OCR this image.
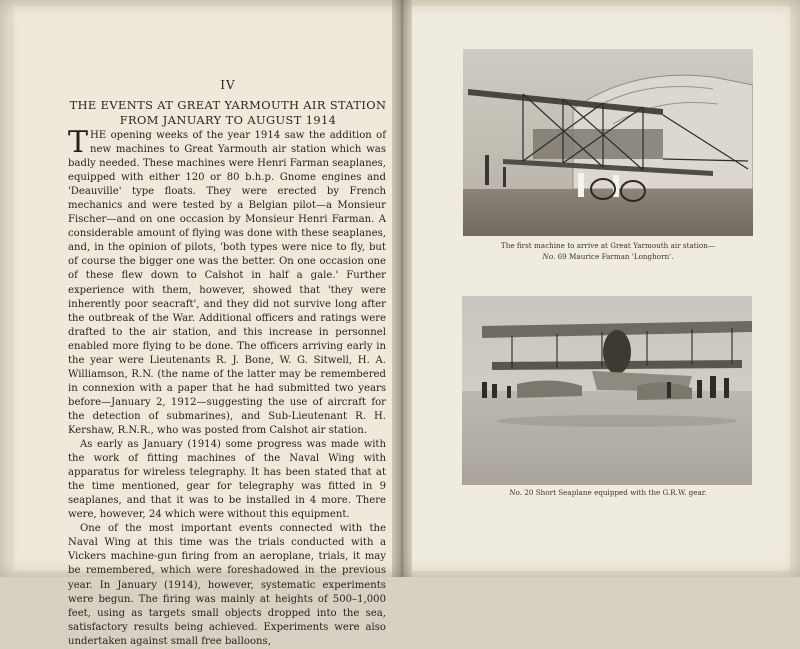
IV
THE EVENTS AT GREAT YARMOUTH AIR STATION
FROM JANUARY TO AUGUST 1914

THE opening weeks of the year 1914 saw the addition of new machines to Great Yarmouth air station which was badly needed. These machines were Henri Farman seaplanes, equipped with either 120 or 80 b.h.p. Gnome engines and 'Deauville' type floats. They were erected by French mechanics and were tested by a Belgian pilot—a Monsieur Fischer—and on one occasion by Monsieur Henri Farman. A considerable amount of flying was done with these seaplanes, and, in the opinion of pilots, 'both types were nice to fly, but of course the bigger one was the better. On one occasion one of these flew down to Calshot in half a gale.' Further experience with them, however, showed that 'they were inherently poor seacraft', and they did not survive long after the outbreak of the War. Additional officers and ratings were drafted to the air station, and this increase in personnel enabled more flying to be done. The officers arriving early in the year were Lieutenants R. J. Bone, W. G. Sitwell, H. A. Williamson, R.N. (the name of the latter may be remembered in connexion with a paper that he had submitted two years before—January 2, 1912—suggesting the use of aircraft for the detection of submarines), and Sub-Lieutenant R. H. Kershaw, R.N.R., who was posted from Calshot air station.

As early as January (1914) some progress was made with the work of fitting machines of the Naval Wing with apparatus for wireless telegraphy. It has been stated that at the time mentioned, gear for telegraphy was fitted in 9 seaplanes, and that it was to be installed in 4 more. There were, however, 24 which were without this equipment.

One of the most important events connected with the Naval Wing at this time was the trials conducted with a Vickers machine-gun firing from an aeroplane, trials, it may be remembered, which were foreshadowed in the previous year. In January (1914), however, systematic experiments were begun. The firing was mainly at heights of 500–1,000 feet, using as targets small objects dropped into the sea, satisfactory results being achieved. Experiments were also undertaken against small free balloons,

The first machine to arrive at Great Yarmouth air station—
No. 69 Maurice Farman 'Longhorn'.
No. 20 Short Seaplane equipped with the G.R.W. gear.
